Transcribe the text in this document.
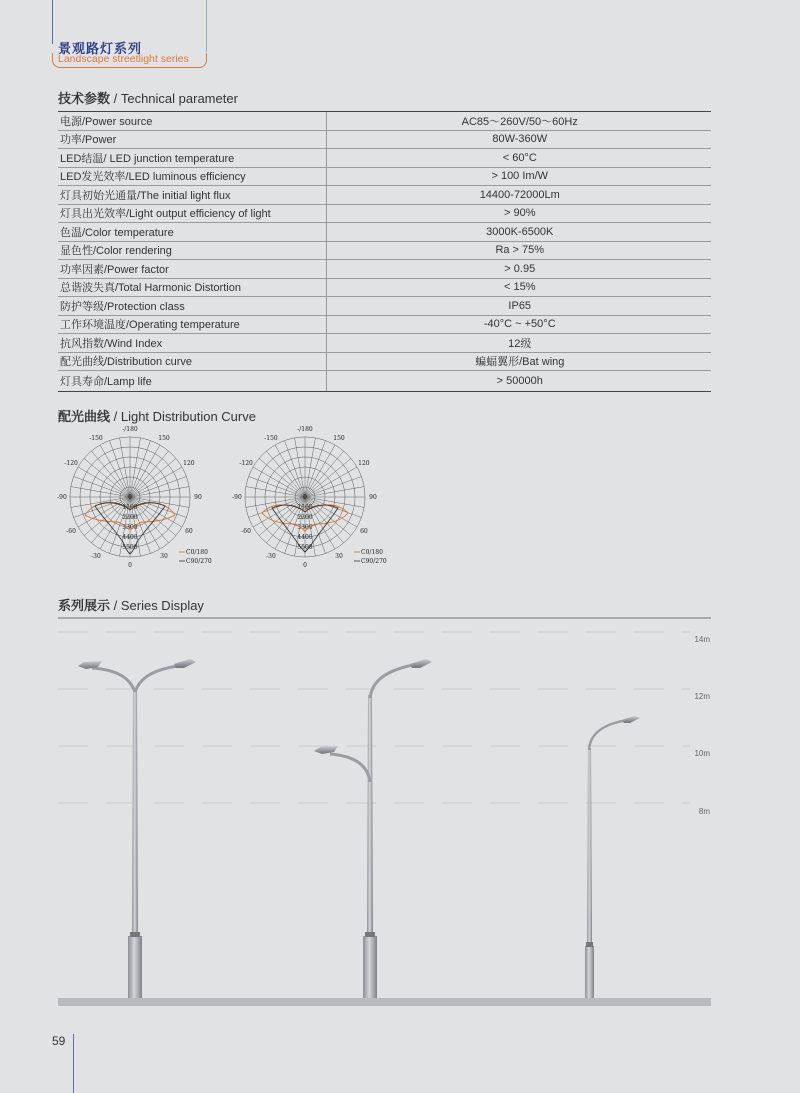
景观路灯系列
Landscape streetlight series
技术参数 / Technical parameter
电源/Power source	AC85～260V/50～60Hz
功率/Power	80W-360W
LED结温/ LED junction temperature	< 60°C
LED发光效率/LED luminous efficiency	> 100 Im/W
灯具初始光通量/The initial light flux	14400-72000Lm
灯具出光效率/Light output efficiency of light	> 90%
色温/Color temperature	3000K-6500K
显色性/Color rendering	Ra > 75%
功率因素/Power factor	> 0.95
总谐波失真/Total Harmonic Distortion	< 15%
防护等级/Protection class	IP65
工作环境温度/Operating temperature	-40°C ~ +50°C
抗风指数/Wind Index	12级
配光曲线/Distribution curve	蝙蝠翼形/Bat wing
灯具寿命/Lamp life	> 50000h
配光曲线 / Light Distribution Curve
-/180
150
120
90
60
30
0
-30
-60
-90
-120
-150
0
1100
2200
3300
4400
5500
C0/180
C90/270
-/180
150
120
90
60
30
0
-30
-60
-90
-120
-150
0
1100
2200
3300
4400
5500
C0/180
C90/270
系列展示 / Series Display
14m
12m
10m
8m
59
